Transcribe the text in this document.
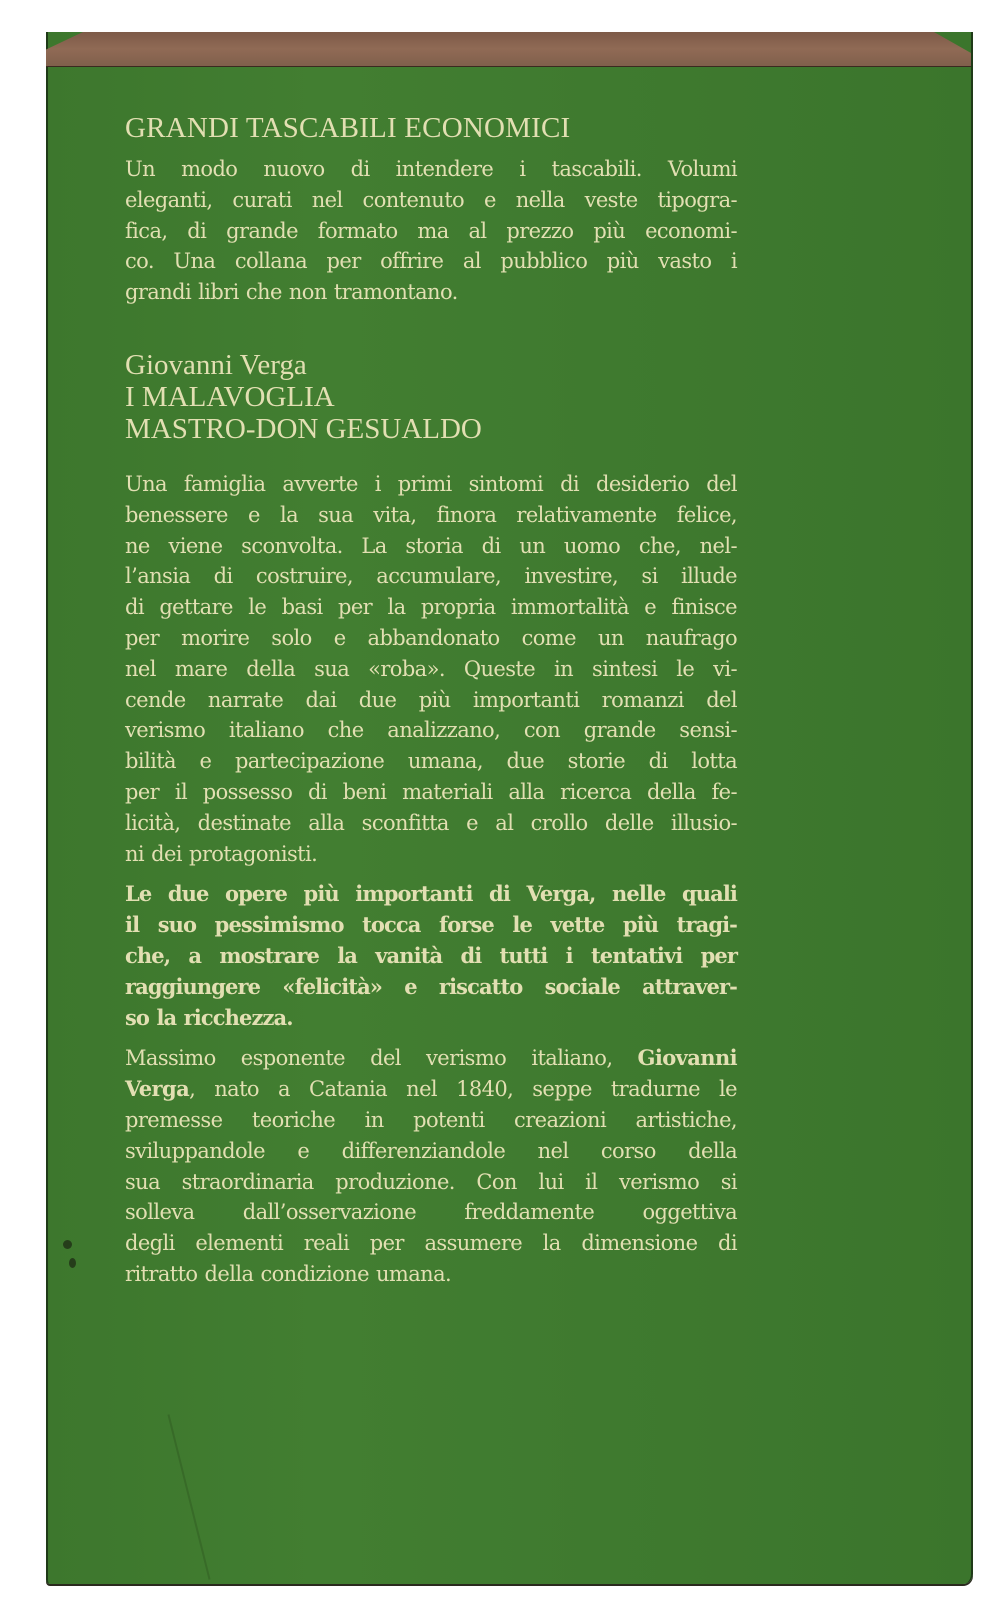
GRANDI TASCABILI ECONOMICI

Un modo nuovo di intendere i tascabili. Volumi
eleganti, curati nel contenuto e nella veste tipogra-
fica, di grande formato ma al prezzo più economi-
co. Una collana per offrire al pubblico più vasto i
grandi libri che non tramontano.

Giovanni Verga
I MALAVOGLIA
MASTRO-DON GESUALDO

Una famiglia avverte i primi sintomi di desiderio del
benessere e la sua vita, finora relativamente felice,
ne viene sconvolta. La storia di un uomo che, nel-
l’ansia di costruire, accumulare, investire, si illude
di gettare le basi per la propria immortalità e finisce
per morire solo e abbandonato come un naufrago
nel mare della sua «roba». Queste in sintesi le vi-
cende narrate dai due più importanti romanzi del
verismo italiano che analizzano, con grande sensi-
bilità e partecipazione umana, due storie di lotta
per il possesso di beni materiali alla ricerca della fe-
licità, destinate alla sconfitta e al crollo delle illusio-
ni dei protagonisti.

Le due opere più importanti di Verga, nelle quali
il suo pessimismo tocca forse le vette più tragi-
che, a mostrare la vanità di tutti i tentativi per
raggiungere «felicità» e riscatto sociale attraver-
so la ricchezza.

Massimo esponente del verismo italiano, Giovanni
Verga, nato a Catania nel 1840, seppe tradurne le
premesse teoriche in potenti creazioni artistiche,
sviluppandole e differenziandole nel corso della
sua straordinaria produzione. Con lui il verismo si
solleva dall’osservazione freddamente oggettiva
degli elementi reali per assumere la dimensione di
ritratto della condizione umana.
